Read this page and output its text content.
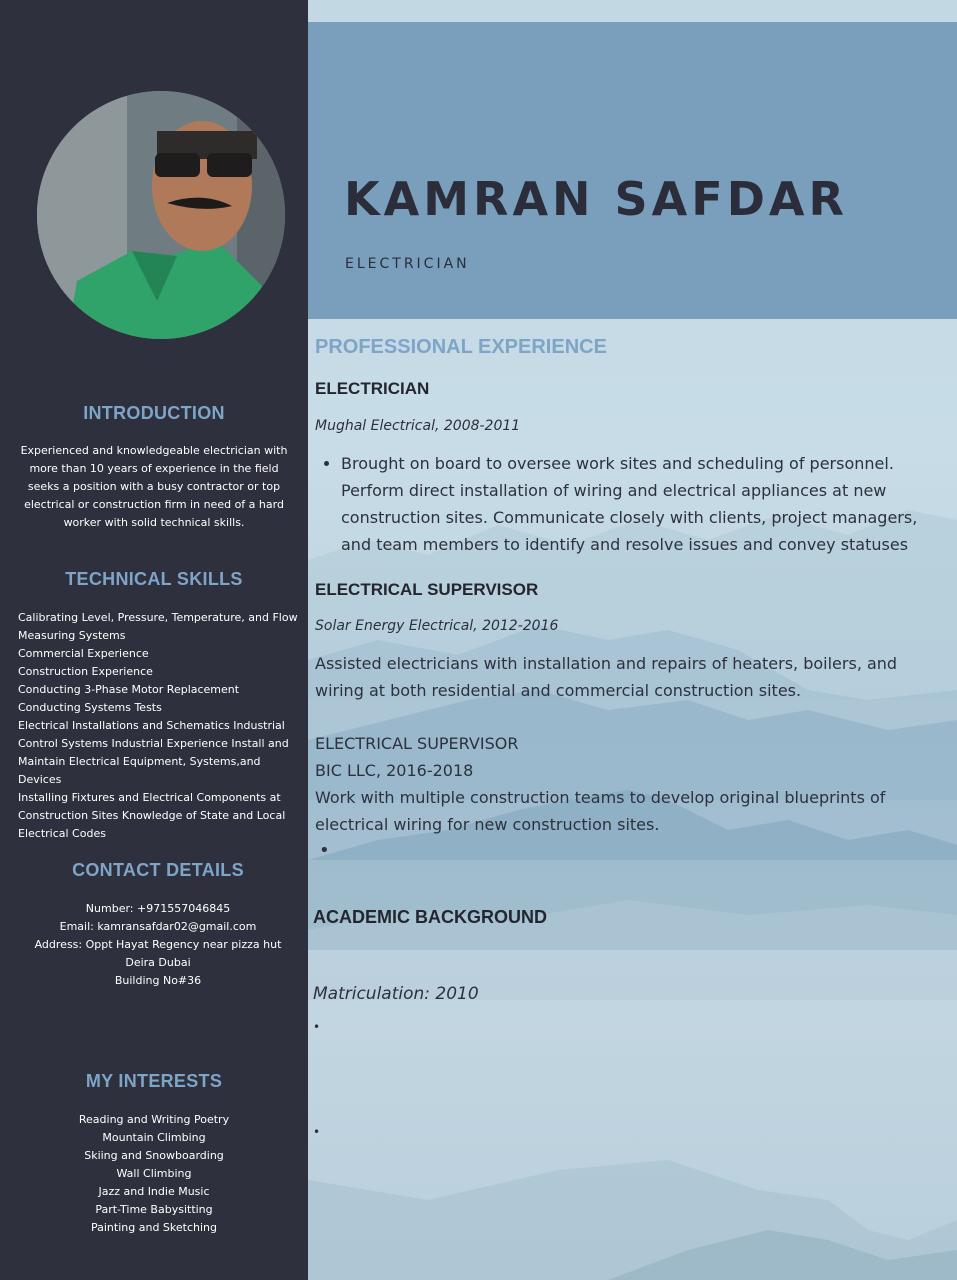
INTRODUCTION
Experienced and knowledgeable electrician with more than 10 years of experience in the field seeks a position with a busy contractor or top electrical or construction firm in need of a hard worker with solid technical skills.
TECHNICAL SKILLS
Calibrating Level, Pressure, Temperature, and Flow
Measuring Systems
Commercial Experience
Construction Experience
Conducting 3-Phase Motor Replacement
Conducting Systems Tests
Electrical Installations and Schematics Industrial
Control Systems Industrial Experience Install and
Maintain Electrical Equipment, Systems,and Devices
Installing Fixtures and Electrical Components at
Construction Sites Knowledge of State and Local
Electrical Codes
CONTACT DETAILS
Number: +971557046845
Email: kamransafdar02@gmail.com
Address: Oppt Hayat Regency near pizza hut
Deira Dubai
Building No#36
MY INTERESTS
Reading and Writing Poetry
Mountain Climbing
Skiing and Snowboarding
Wall Climbing
Jazz and Indie Music
Part-Time Babysitting
Painting and Sketching
KAMRAN SAFDAR
ELECTRICIAN
PROFESSIONAL EXPERIENCE
ELECTRICIAN
Mughal Electrical, 2008-2011
• Brought on board to oversee work sites and scheduling of personnel. Perform direct installation of wiring and electrical appliances at new construction sites. Communicate closely with clients, project managers, and team members to identify and resolve issues and convey statuses
ELECTRICAL SUPERVISOR
Solar Energy Electrical, 2012-2016
Assisted electricians with installation and repairs of heaters, boilers, and wiring at both residential and commercial construction sites.
ELECTRICAL SUPERVISOR
BIC LLC, 2016-2018
Work with multiple construction teams to develop original blueprints of electrical wiring for new construction sites.
•
ACADEMIC BACKGROUND
Matriculation: 2010
•
•
